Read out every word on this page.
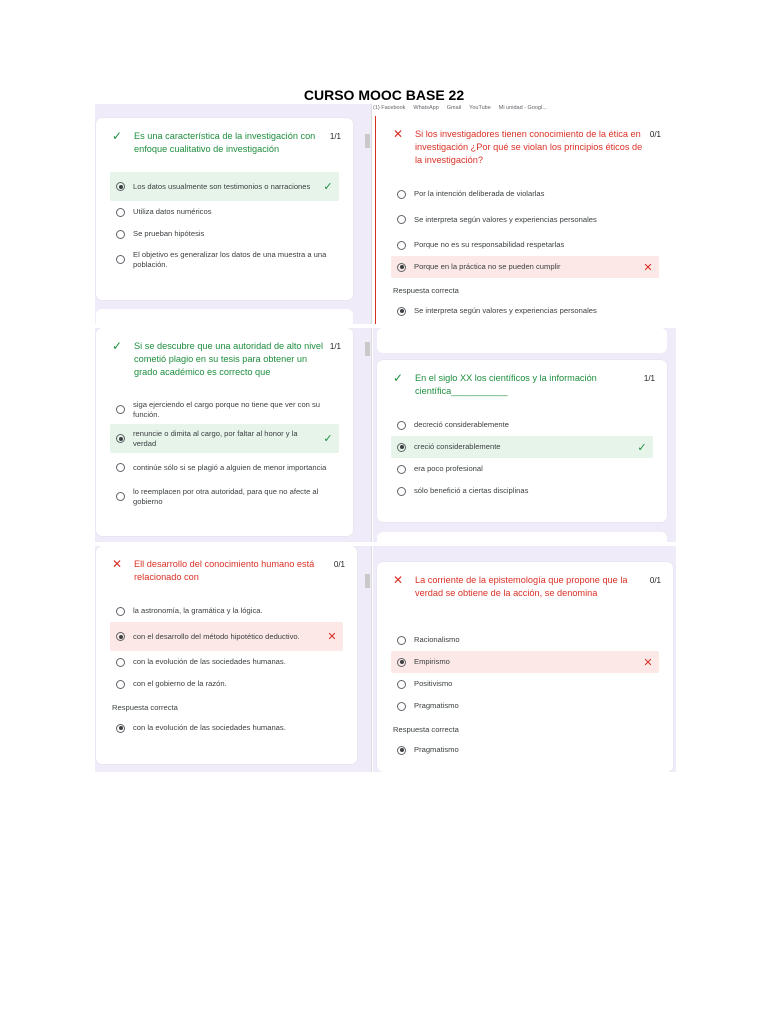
CURSO MOOC BASE 22
✓	Es una característica de la investigación con enfoque cualitativo de investigación
1/1
Los datos usualmente son testimonios o narraciones	✓
Utiliza datos numéricos
Se prueban hipótesis
El objetivo es generalizar los datos de una muestra a una población.
(1) Facebook WhatsApp Gmail YouTube Mi unidad - Googl...
✕	Si los investigadores tienen conocimiento de la ética en investigación ¿Por qué se violan los principios éticos de la investigación?
0/1
Por la intención deliberada de violarlas
Se interpreta según valores y experiencias personales
Porque no es su responsabilidad respetarlas
Porque en la práctica no se pueden cumplir	✕
Respuesta correcta
Se interpreta según valores y experiencias personales
✓	Si se descubre que una autoridad de alto nivel cometió plagio en su tesis para obtener un grado académico es correcto que
1/1
siga ejerciendo el cargo porque no tiene que ver con su función.
renuncie o dimita al cargo, por faltar al honor y la verdad	✓
continúe sólo si se plagió a alguien de menor importancia
lo reemplacen por otra autoridad, para que no afecte al gobierno
✓	En el siglo XX los científicos y la información científica___________
1/1
decreció considerablemente
creció considerablemente	✓
era poco profesional
sólo benefició a ciertas disciplinas
✕	Ell desarrollo del conocimiento humano está relacionado con
0/1
la astronomía, la gramática y la lógica.
con el desarrollo del método hipotético deductivo.	✕
con la evolución de las sociedades humanas.
con el gobierno de la razón.
Respuesta correcta
con la evolución de las sociedades humanas.
✕	La corriente de la epistemología que propone que la verdad se obtiene de la acción, se denomina
0/1
Racionalismo
Empirismo	✕
Positivismo
Pragmatismo
Respuesta correcta
Pragmatismo
